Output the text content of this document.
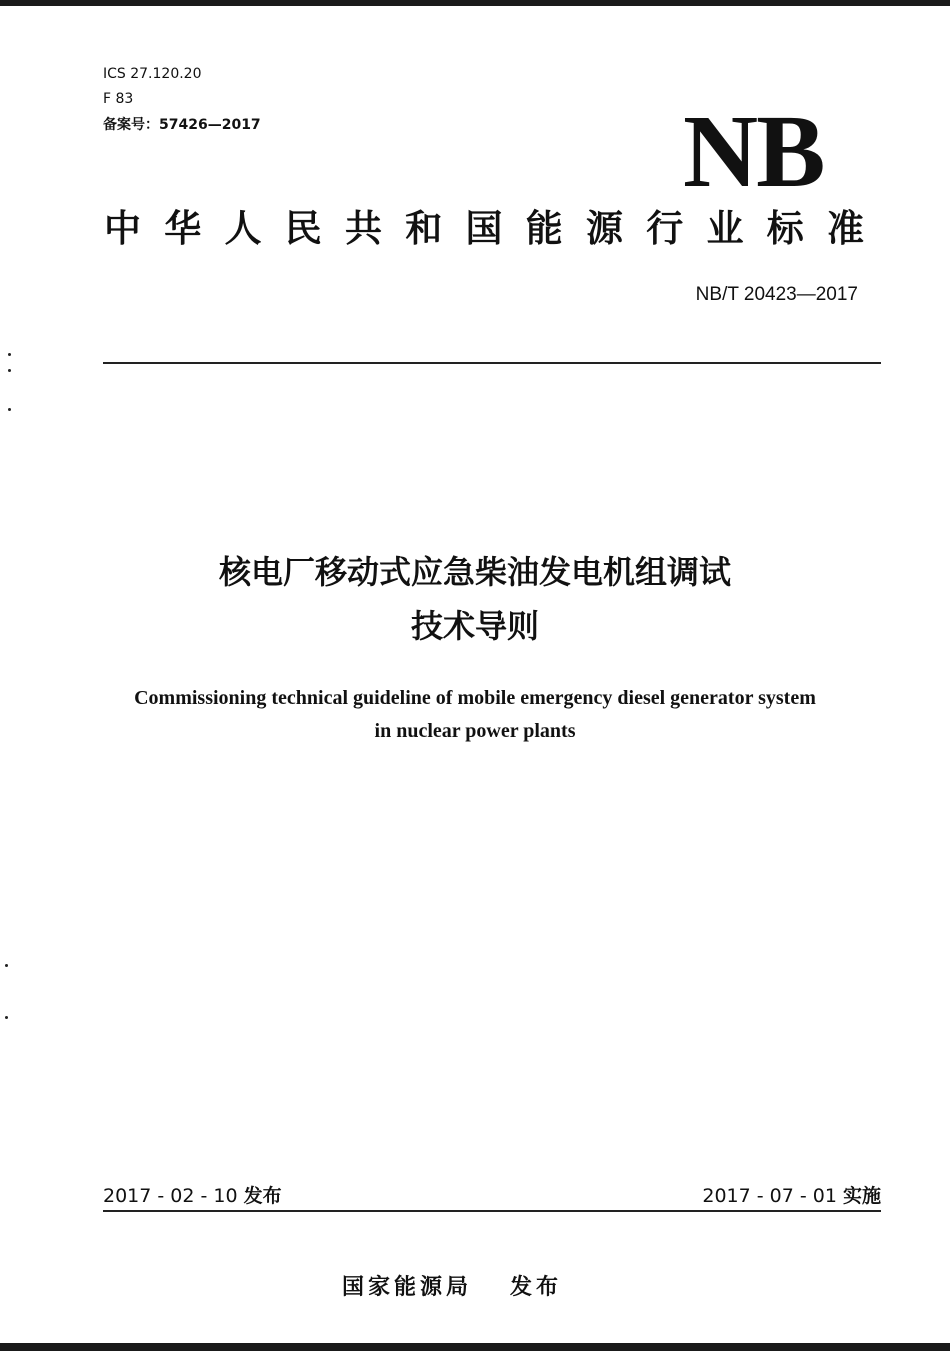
ICS 27.120.20
F 83
备案号：57426—2017	NB
中 华 人 民 共 和 国 能 源 行 业 标 准
NB/T 20423—2017
核电厂移动式应急柴油发电机组调试
技术导则
Commissioning technical guideline of mobile emergency diesel generator system
in nuclear power plants
2017 - 02 - 10 发布	2017 - 07 - 01 实施
国家能源局 发布
